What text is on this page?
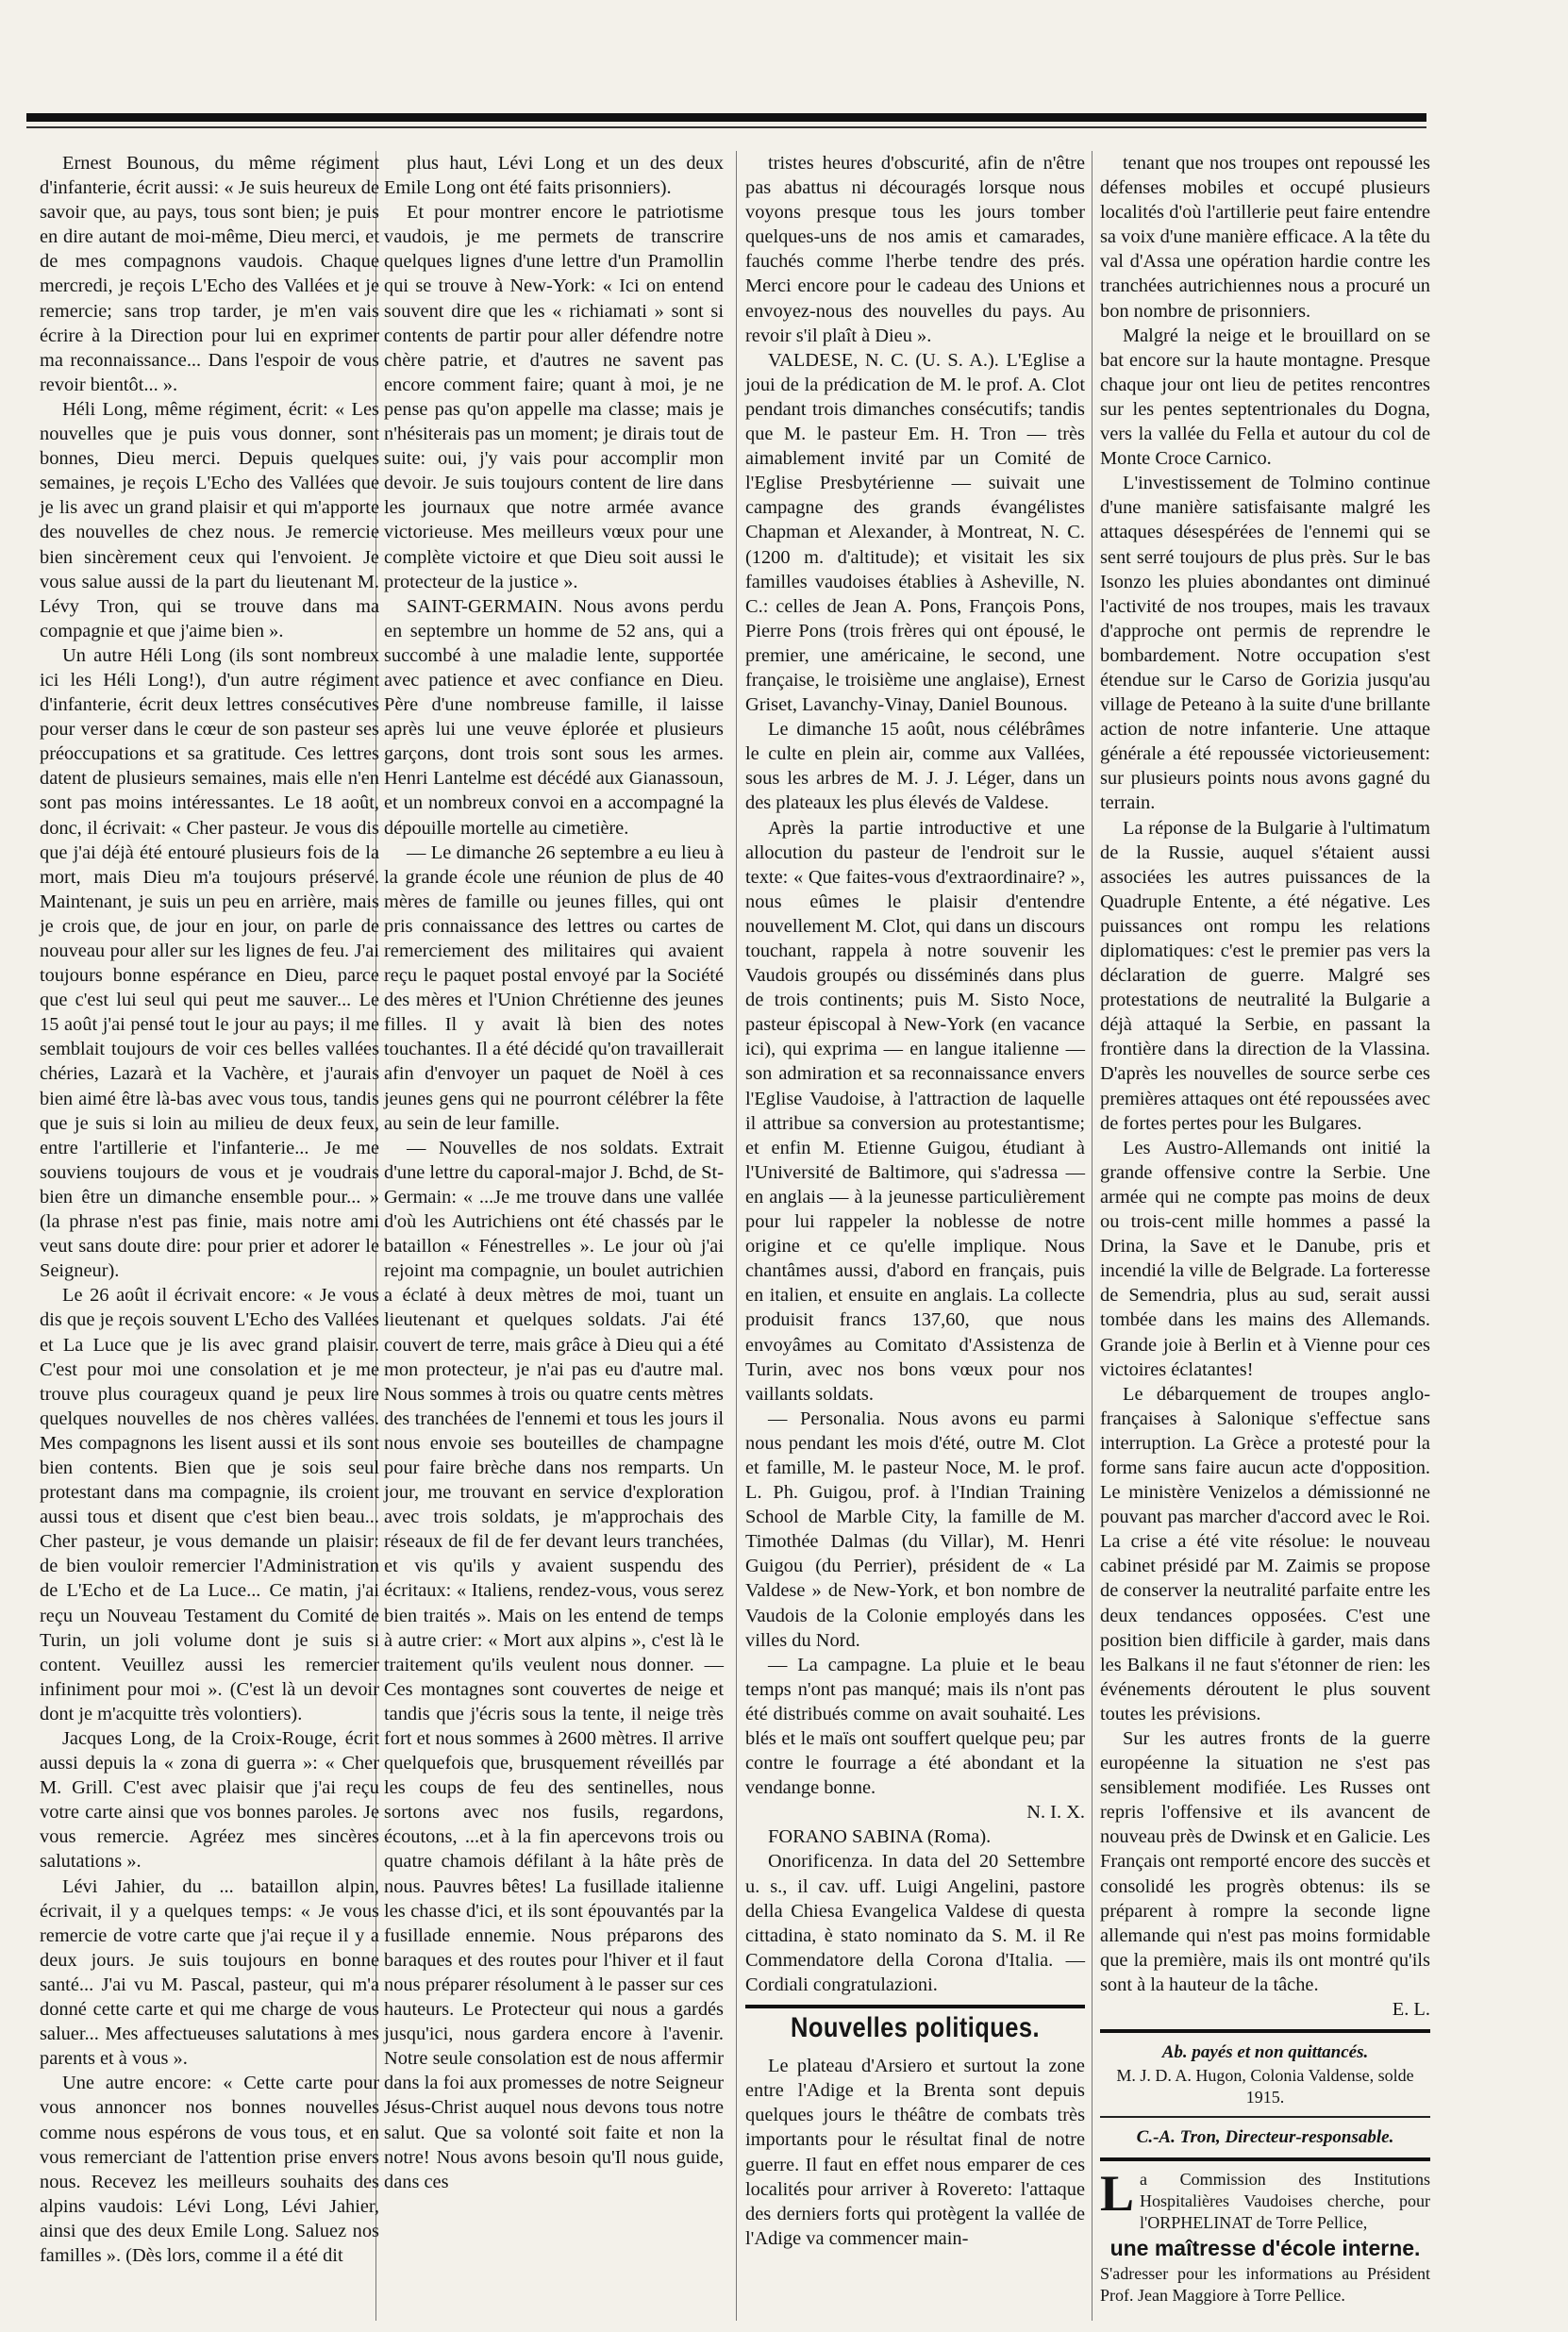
Ernest Bounous, du même régiment d'infanterie, écrit aussi: « Je suis heureux de savoir que, au pays, tous sont bien; je puis en dire autant de moi-même, Dieu merci, et de mes compagnons vaudois. Chaque mercredi, je reçois L'Echo des Vallées et je remercie; sans trop tarder, je m'en vais écrire à la Direction pour lui en exprimer ma reconnaissance... Dans l'espoir de vous revoir bientôt... ».

Héli Long, même régiment, écrit: « Les nouvelles que je puis vous donner, sont bonnes, Dieu merci. Depuis quelques semaines, je reçois L'Echo des Vallées que je lis avec un grand plaisir et qui m'apporte des nouvelles de chez nous. Je remercie bien sincèrement ceux qui l'envoient. Je vous salue aussi de la part du lieutenant M. Lévy Tron, qui se trouve dans ma compagnie et que j'aime bien ».

Un autre Héli Long (ils sont nombreux ici les Héli Long!), d'un autre régiment d'infanterie, écrit deux lettres consécutives pour verser dans le cœur de son pasteur ses préoccupations et sa gratitude. Ces lettres datent de plusieurs semaines, mais elle n'en sont pas moins intéressantes. Le 18 août, donc, il écrivait: « Cher pasteur. Je vous dis que j'ai déjà été entouré plusieurs fois de la mort, mais Dieu m'a toujours préservé. Maintenant, je suis un peu en arrière, mais je crois que, de jour en jour, on parle de nouveau pour aller sur les lignes de feu. J'ai toujours bonne espérance en Dieu, parce que c'est lui seul qui peut me sauver... Le 15 août j'ai pensé tout le jour au pays; il me semblait toujours de voir ces belles vallées chéries, Lazarà et la Vachère, et j'aurais bien aimé être là-bas avec vous tous, tandis que je suis si loin au milieu de deux feux, entre l'artillerie et l'infanterie... Je me souviens toujours de vous et je voudrais bien être un dimanche ensemble pour... » (la phrase n'est pas finie, mais notre ami veut sans doute dire: pour prier et adorer le Seigneur).

Le 26 août il écrivait encore: « Je vous dis que je reçois souvent L'Echo des Vallées et La Luce que je lis avec grand plaisir. C'est pour moi une consolation et je me trouve plus courageux quand je peux lire quelques nouvelles de nos chères vallées. Mes compagnons les lisent aussi et ils sont bien contents. Bien que je sois seul protestant dans ma compagnie, ils croient aussi tous et disent que c'est bien beau... Cher pasteur, je vous demande un plaisir: de bien vouloir remercier l'Administration de L'Echo et de La Luce... Ce matin, j'ai reçu un Nouveau Testament du Comité de Turin, un joli volume dont je suis si content. Veuillez aussi les remercier infiniment pour moi ». (C'est là un devoir dont je m'acquitte très volontiers).

Jacques Long, de la Croix-Rouge, écrit aussi depuis la « zona di guerra »: « Cher M. Grill. C'est avec plaisir que j'ai reçu votre carte ainsi que vos bonnes paroles. Je vous remercie. Agréez mes sincères salutations ».

Lévi Jahier, du ... bataillon alpin, écrivait, il y a quelques temps: « Je vous remercie de votre carte que j'ai reçue il y a deux jours. Je suis toujours en bonne santé... J'ai vu M. Pascal, pasteur, qui m'a donné cette carte et qui me charge de vous saluer... Mes affectueuses salutations à mes parents et à vous ».

Une autre encore: « Cette carte pour vous annoncer nos bonnes nouvelles comme nous espérons de vous tous, et en vous remerciant de l'attention prise envers nous. Recevez les meilleurs souhaits des alpins vaudois: Lévi Long, Lévi Jahier, ainsi que des deux Emile Long. Saluez nos familles ». (Dès lors, comme il a été dit

plus haut, Lévi Long et un des deux Emile Long ont été faits prisonniers).

Et pour montrer encore le patriotisme vaudois, je me permets de transcrire quelques lignes d'une lettre d'un Pramollin qui se trouve à New-York: « Ici on entend souvent dire que les « richiamati » sont si contents de partir pour aller défendre notre chère patrie, et d'autres ne savent pas encore comment faire; quant à moi, je ne pense pas qu'on appelle ma classe; mais je n'hésiterais pas un moment; je dirais tout de suite: oui, j'y vais pour accomplir mon devoir. Je suis toujours content de lire dans les journaux que notre armée avance victorieuse. Mes meilleurs vœux pour une complète victoire et que Dieu soit aussi le protecteur de la justice ».

SAINT-GERMAIN. Nous avons perdu en septembre un homme de 52 ans, qui a succombé à une maladie lente, supportée avec patience et avec confiance en Dieu. Père d'une nombreuse famille, il laisse après lui une veuve éplorée et plusieurs garçons, dont trois sont sous les armes. Henri Lantelme est décédé aux Gianassoun, et un nombreux convoi en a accompagné la dépouille mortelle au cimetière.

— Le dimanche 26 septembre a eu lieu à la grande école une réunion de plus de 40 mères de famille ou jeunes filles, qui ont pris connaissance des lettres ou cartes de remerciement des militaires qui avaient reçu le paquet postal envoyé par la Société des mères et l'Union Chrétienne des jeunes filles. Il y avait là bien des notes touchantes. Il a été décidé qu'on travaillerait afin d'envoyer un paquet de Noël à ces jeunes gens qui ne pourront célébrer la fête au sein de leur famille.

— Nouvelles de nos soldats. Extrait d'une lettre du caporal-major J. Bchd, de St-Germain: « ...Je me trouve dans une vallée d'où les Autrichiens ont été chassés par le bataillon « Fénestrelles ». Le jour où j'ai rejoint ma compagnie, un boulet autrichien a éclaté à deux mètres de moi, tuant un lieutenant et quelques soldats. J'ai été couvert de terre, mais grâce à Dieu qui a été mon protecteur, je n'ai pas eu d'autre mal. Nous sommes à trois ou quatre cents mètres des tranchées de l'ennemi et tous les jours il nous envoie ses bouteilles de champagne pour faire brèche dans nos remparts. Un jour, me trouvant en service d'exploration avec trois soldats, je m'approchais des réseaux de fil de fer devant leurs tranchées, et vis qu'ils y avaient suspendu des écritaux: « Italiens, rendez-vous, vous serez bien traités ». Mais on les entend de temps à autre crier: « Mort aux alpins », c'est là le traitement qu'ils veulent nous donner. — Ces montagnes sont couvertes de neige et tandis que j'écris sous la tente, il neige très fort et nous sommes à 2600 mètres. Il arrive quelquefois que, brusquement réveillés par les coups de feu des sentinelles, nous sortons avec nos fusils, regardons, écoutons, ...et à la fin apercevons trois ou quatre chamois défilant à la hâte près de nous. Pauvres bêtes! La fusillade italienne les chasse d'ici, et ils sont épouvantés par la fusillade ennemie. Nous préparons des baraques et des routes pour l'hiver et il faut nous préparer résolument à le passer sur ces hauteurs. Le Protecteur qui nous a gardés jusqu'ici, nous gardera encore à l'avenir. Notre seule consolation est de nous affermir dans la foi aux promesses de notre Seigneur Jésus-Christ auquel nous devons tous notre salut. Que sa volonté soit faite et non la notre! Nous avons besoin qu'Il nous guide, dans ces

tristes heures d'obscurité, afin de n'être pas abattus ni découragés lorsque nous voyons presque tous les jours tomber quelques-uns de nos amis et camarades, fauchés comme l'herbe tendre des prés. Merci encore pour le cadeau des Unions et envoyez-nous des nouvelles du pays. Au revoir s'il plaît à Dieu ».

VALDESE, N. C. (U. S. A.). L'Eglise a joui de la prédication de M. le prof. A. Clot pendant trois dimanches consécutifs; tandis que M. le pasteur Em. H. Tron — très aimablement invité par un Comité de l'Eglise Presbytérienne — suivait une campagne des grands évangélistes Chapman et Alexander, à Montreat, N. C. (1200 m. d'altitude); et visitait les six familles vaudoises établies à Asheville, N. C.: celles de Jean A. Pons, François Pons, Pierre Pons (trois frères qui ont épousé, le premier, une américaine, le second, une française, le troisième une anglaise), Ernest Griset, Lavanchy-Vinay, Daniel Bounous.

Le dimanche 15 août, nous célébrâmes le culte en plein air, comme aux Vallées, sous les arbres de M. J. J. Léger, dans un des plateaux les plus élevés de Valdese.

Après la partie introductive et une allocution du pasteur de l'endroit sur le texte: « Que faites-vous d'extraordinaire? », nous eûmes le plaisir d'entendre nouvellement M. Clot, qui dans un discours touchant, rappela à notre souvenir les Vaudois groupés ou disséminés dans plus de trois continents; puis M. Sisto Noce, pasteur épiscopal à New-York (en vacance ici), qui exprima — en langue italienne — son admiration et sa reconnaissance envers l'Eglise Vaudoise, à l'attraction de laquelle il attribue sa conversion au protestantisme; et enfin M. Etienne Guigou, étudiant à l'Université de Baltimore, qui s'adressa — en anglais — à la jeunesse particulièrement pour lui rappeler la noblesse de notre origine et ce qu'elle implique. Nous chantâmes aussi, d'abord en français, puis en italien, et ensuite en anglais. La collecte produisit francs 137,60, que nous envoyâmes au Comitato d'Assistenza de Turin, avec nos bons vœux pour nos vaillants soldats.

— Personalia. Nous avons eu parmi nous pendant les mois d'été, outre M. Clot et famille, M. le pasteur Noce, M. le prof. L. Ph. Guigou, prof. à l'Indian Training School de Marble City, la famille de M. Timothée Dalmas (du Villar), M. Henri Guigou (du Perrier), président de « La Valdese » de New-York, et bon nombre de Vaudois de la Colonie employés dans les villes du Nord.

— La campagne. La pluie et le beau temps n'ont pas manqué; mais ils n'ont pas été distribués comme on avait souhaité. Les blés et le maïs ont souffert quelque peu; par contre le fourrage a été abondant et la vendange bonne.

N. I. X.

FORANO SABINA (Roma).

Onorificenza. In data del 20 Settembre u. s., il cav. uff. Luigi Angelini, pastore della Chiesa Evangelica Valdese di questa cittadina, è stato nominato da S. M. il Re Commendatore della Corona d'Italia. — Cordiali congratulazioni.

Nouvelles politiques.

Le plateau d'Arsiero et surtout la zone entre l'Adige et la Brenta sont depuis quelques jours le théâtre de combats très importants pour le résultat final de notre guerre. Il faut en effet nous emparer de ces localités pour arriver à Rovereto: l'attaque des derniers forts qui protègent la vallée de l'Adige va commencer main-

tenant que nos troupes ont repoussé les défenses mobiles et occupé plusieurs localités d'où l'artillerie peut faire entendre sa voix d'une manière efficace. A la tête du val d'Assa une opération hardie contre les tranchées autrichiennes nous a procuré un bon nombre de prisonniers.

Malgré la neige et le brouillard on se bat encore sur la haute montagne. Presque chaque jour ont lieu de petites rencontres sur les pentes septentrionales du Dogna, vers la vallée du Fella et autour du col de Monte Croce Carnico.

L'investissement de Tolmino continue d'une manière satisfaisante malgré les attaques désespérées de l'ennemi qui se sent serré toujours de plus près. Sur le bas Isonzo les pluies abondantes ont diminué l'activité de nos troupes, mais les travaux d'approche ont permis de reprendre le bombardement. Notre occupation s'est étendue sur le Carso de Gorizia jusqu'au village de Peteano à la suite d'une brillante action de notre infanterie. Une attaque générale a été repoussée victorieusement: sur plusieurs points nous avons gagné du terrain.

La réponse de la Bulgarie à l'ultimatum de la Russie, auquel s'étaient aussi associées les autres puissances de la Quadruple Entente, a été négative. Les puissances ont rompu les relations diplomatiques: c'est le premier pas vers la déclaration de guerre. Malgré ses protestations de neutralité la Bulgarie a déjà attaqué la Serbie, en passant la frontière dans la direction de la Vlassina. D'après les nouvelles de source serbe ces premières attaques ont été repoussées avec de fortes pertes pour les Bulgares.

Les Austro-Allemands ont initié la grande offensive contre la Serbie. Une armée qui ne compte pas moins de deux ou trois-cent mille hommes a passé la Drina, la Save et le Danube, pris et incendié la ville de Belgrade. La forteresse de Semendria, plus au sud, serait aussi tombée dans les mains des Allemands. Grande joie à Berlin et à Vienne pour ces victoires éclatantes!

Le débarquement de troupes anglo-françaises à Salonique s'effectue sans interruption. La Grèce a protesté pour la forme sans faire aucun acte d'opposition. Le ministère Venizelos a démissionné ne pouvant pas marcher d'accord avec le Roi. La crise a été vite résolue: le nouveau cabinet présidé par M. Zaimis se propose de conserver la neutralité parfaite entre les deux tendances opposées. C'est une position bien difficile à garder, mais dans les Balkans il ne faut s'étonner de rien: les événements déroutent le plus souvent toutes les prévisions.

Sur les autres fronts de la guerre européenne la situation ne s'est pas sensiblement modifiée. Les Russes ont repris l'offensive et ils avancent de nouveau près de Dwinsk et en Galicie. Les Français ont remporté encore des succès et consolidé les progrès obtenus: ils se préparent à rompre la seconde ligne allemande qui n'est pas moins formidable que la première, mais ils ont montré qu'ils sont à la hauteur de la tâche.

E. L.

Ab. payés et non quittancés.
M. J. D. A. Hugon, Colonia Valdense, solde 1915.
C.-A. Tron, Directeur-responsable.
L a Commission des Institutions Hospitalières Vaudoises cherche, pour l'ORPHELINAT de Torre Pellice,
une maîtresse d'école interne.
S'adresser pour les informations au Président Prof. Jean Maggiore à Torre Pellice.
